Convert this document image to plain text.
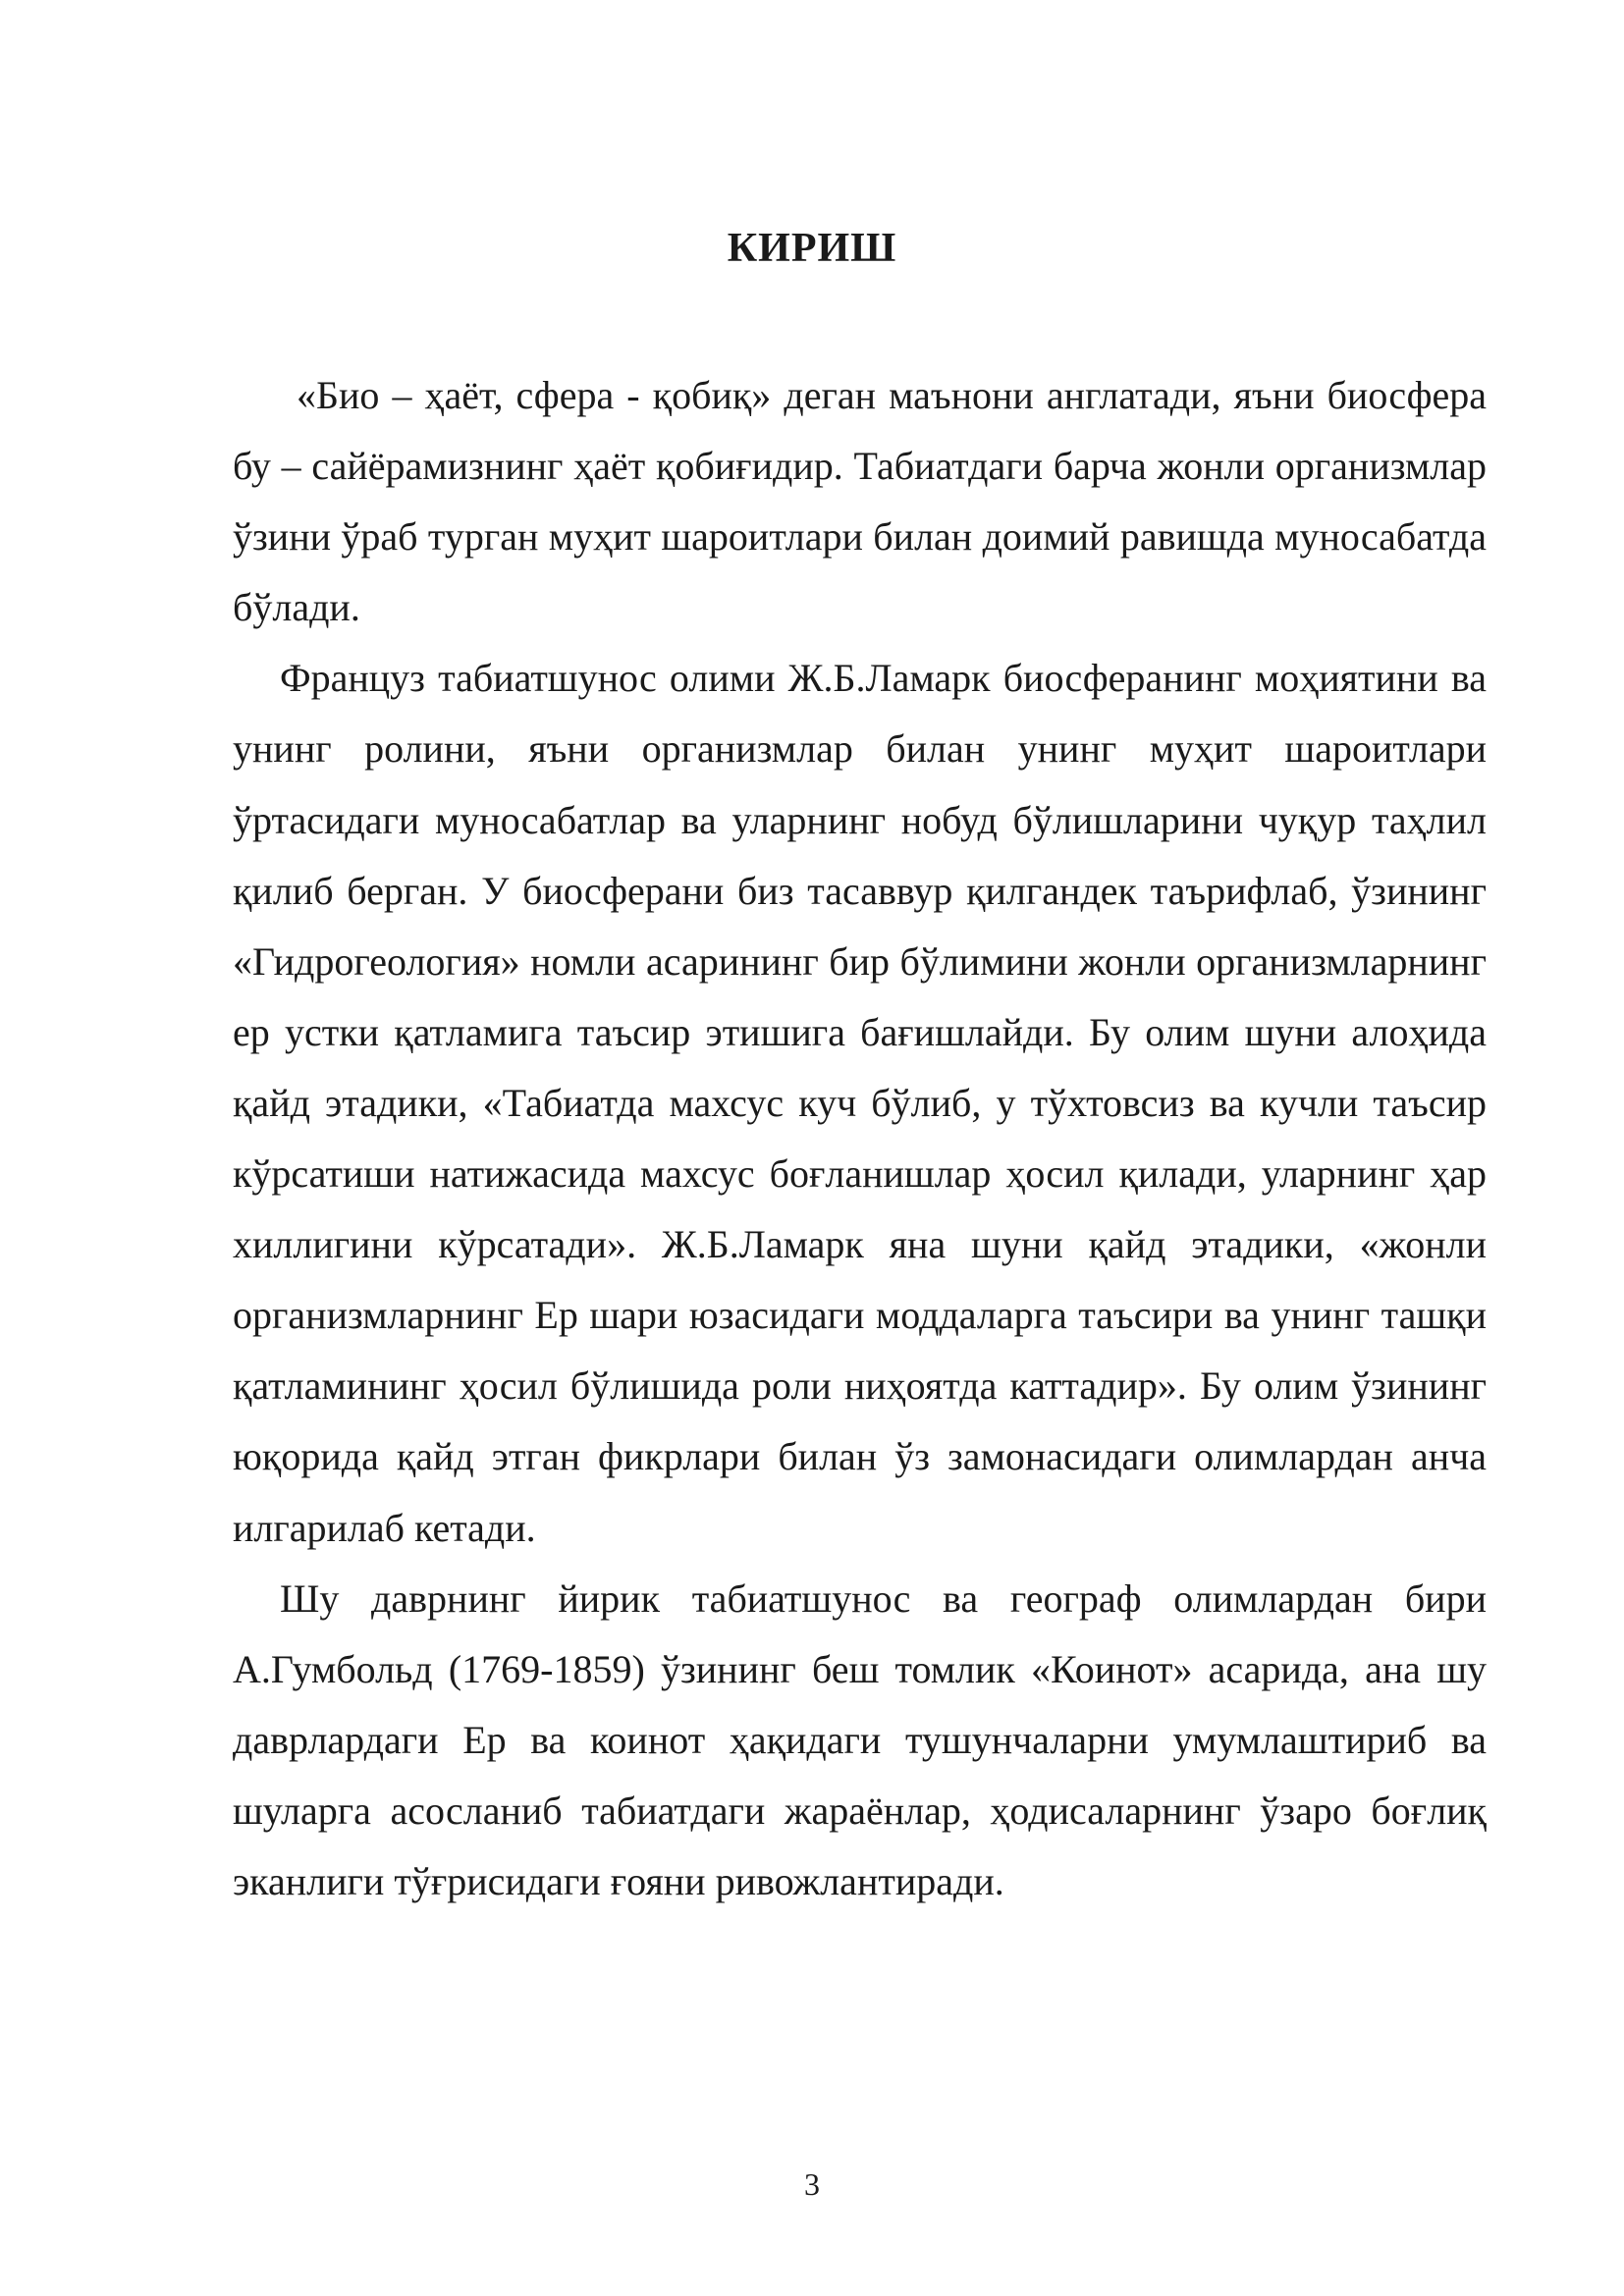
КИРИШ

«Био – ҳаёт, сфера - қобиқ» деган маънони англатади, яъни биосфера бу – сайёрамизнинг ҳаёт қобиғидир. Табиатдаги барча жонли организмлар ўзини ўраб турган муҳит шароитлари билан доимий равишда муносабатда бўлади.

Француз табиатшунос олими Ж.Б.Ламарк биосферанинг моҳиятини ва унинг ролини, яъни организмлар билан унинг муҳит шароитлари ўртасидаги муносабатлар ва уларнинг нобуд бўлишларини чуқур таҳлил қилиб берган. У биосферани биз тасаввур қилгандек таърифлаб, ўзининг «Гидрогеология» номли асарининг бир бўлимини жонли организмларнинг ер устки қатламига таъсир этишига бағишлайди. Бу олим шуни алоҳида қайд этадики, «Табиатда махсус куч бўлиб, у тўхтовсиз ва кучли таъсир кўрсатиши натижасида махсус боғланишлар ҳосил қилади, уларнинг ҳар хиллигини кўрсатади». Ж.Б.Ламарк яна шуни қайд этадики, «жонли организмларнинг Ер шари юзасидаги моддаларга таъсири ва унинг ташқи қатламининг ҳосил бўлишида роли ниҳоятда каттадир». Бу олим ўзининг юқорида қайд этган фикрлари билан ўз замонасидаги олимлардан анча илгарилаб кетади.

Шу даврнинг йирик табиатшунос ва географ олимлардан бири А.Гумбольд (1769-1859) ўзининг беш томлик «Коинот» асарида, ана шу даврлардаги Ер ва коинот ҳақидаги тушунчаларни умумлаштириб ва шуларга асосланиб табиатдаги жараёнлар, ҳодисаларнинг ўзаро боғлиқ эканлиги тўғрисидаги ғояни ривожлантиради.

3
